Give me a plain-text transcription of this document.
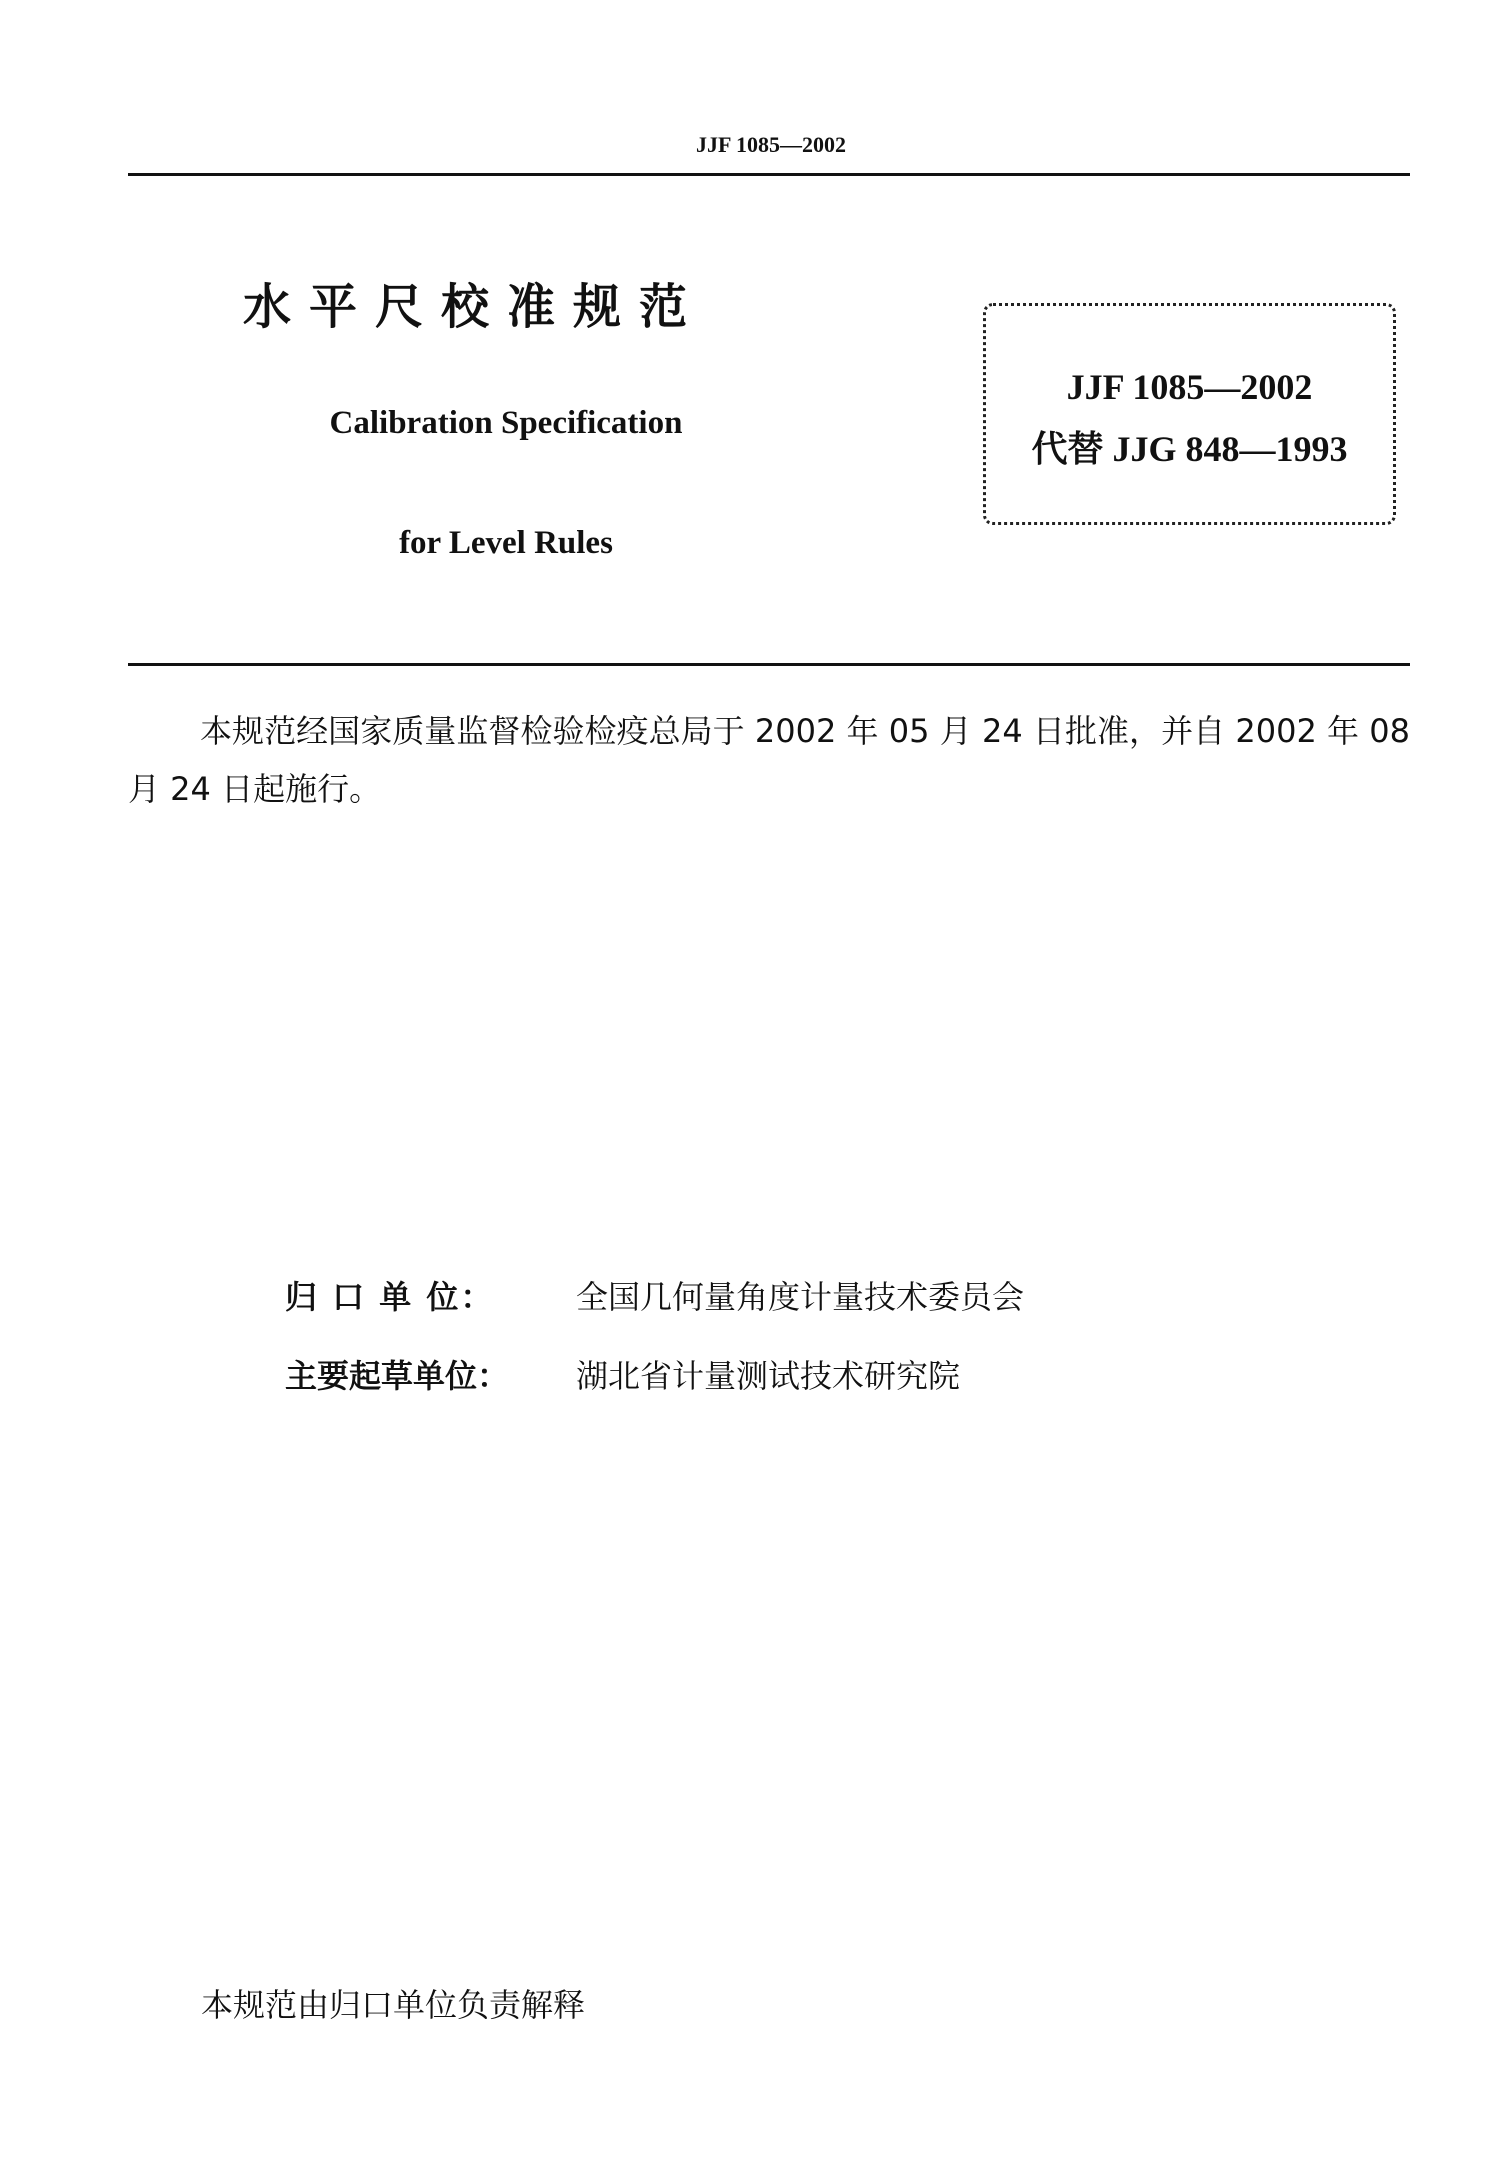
JJF 1085—2002
水平尺校准规范
Calibration Specification
for Level Rules
JJF 1085—2002
代替 JJG 848—1993
本规范经国家质量监督检验检疫总局于 2002 年 05 月 24 日批准，并自 2002 年 08 月 24 日起施行。
归 口 单 位：	全国几何量角度计量技术委员会
主要起草单位： 湖北省计量测试技术研究院
本规范由归口单位负责解释
